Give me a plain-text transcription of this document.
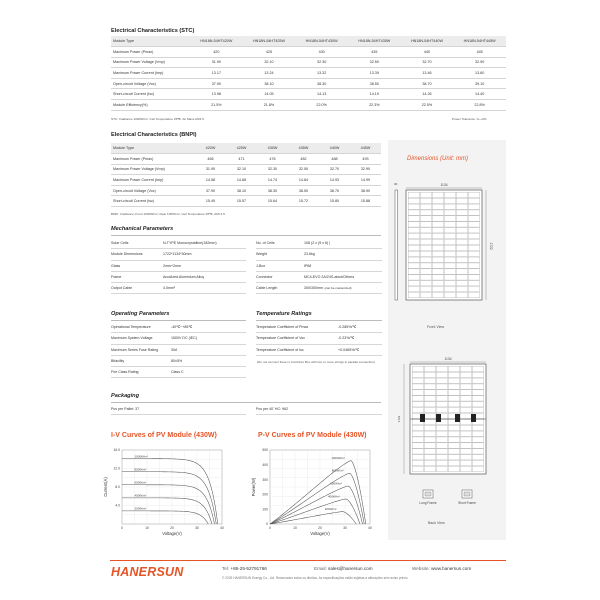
Electrical Characteristics (STC)
Module Type	HN18N-54HT420W	HN18N-54HT425W	HN18N-54HT430W	HN18N-54HT435W	HN18N-54HT440W	HN18N-54HT445W
Maximum Power (Pmax)	420	425	430	435	440	445
Maximum Power Voltage (Vmp)	31.90	32.10	32.30	32.50	32.70	32.90
Maximum Power Current (Imp)	13.17	13.24	13.32	13.39	13.46	13.60
Open-circuit Voltage (Voc)	37.90	38.10	38.30	38.50	38.70	39.10
Short-circuit Current (Isc)	13.98	14.05	14.13	14.19	14.26	14.40
Module Efficiency(%)	21.5%	21.8%	22.0%	22.3%	22.5%	22.8%
STC: Irradiance 1000W/m², Cell Temperature 25℃, Air Mass AM1.5	Power Tolerance: 0~+3%
Electrical Characteristics (BNPI)
Module Type	420W	425W	430W	435W	440W	445W
Maximum Power (Pmax)	465	471	476	482	488	493
Maximum Power Voltage (Vmp)	31.90	32.10	32.30	32.50	32.70	32.90
Maximum Power Current (Imp)	14.58	14.68	14.74	14.84	14.93	14.99
Open-circuit Voltage (Voc)	37.90	38.10	38.30	38.50	38.70	38.90
Short-circuit Current (Isc)	15.49	15.57	15.64	15.72	15.80	15.88
BNPI: Irradiance: Front 1000W/m², Rear 135W/m², Cell Temperature 25℃, AM=1.5
Mechanical Parameters
Solar Cells	N-TYPE Monocrystalline(182mm)
Module Dimensions	1722*1134*30mm
Glass	2mm+2mm
Frame	Anodized Aluminium Alloy
Output Cable	4.0mm²
No. of Cells	108 (2 x (9 x 6) )
Weight	23.6kg
J-Box	IP68
Connector	MC4-EVO 2A/Z4S-abcd/Others
Cable Length	300/300mm (can be customized)
Operating Parameters
Operational Temperature	-40℃~+85℃
Maximum System Voltage	1500V DC (IEC)
Maximum Series Fuse Rating	30A
Bifacility	80±5%
Fire Class Rating	Class C
Temperature Ratings
Temperature Coefficient of Pmax	-0.285%/℃
Temperature Coefficient of Voc	-0.23%/℃
Temperature Coefficient of Isc	+0.0465%/℃
(Do not connect Fuse in Combiner Box with two or more strings in parallel connection)
Packaging
Pcs per Pallet: 37	Pcs per 40' HC: 962
I-V Curves of PV Module (430W)	P-V Curves of PV Module (430W)
0	10	20	30	40
16.0
12.0
8.0
4.0
Voltage(V)
Current(A)
1000W/m²
800W/m²
600W/m²
400W/m²
200W/m²
0	10	20	30	40
500
400
300
200
100
0
Voltage(V)
Power(W)
1000W/m²
800W/m²
600W/m²
400W/m²
200W/m²
Dimensions (Unit: mm)
1134
1722
30
Front View
1134
1722
Long Frame	Short Frame
Back View
HANERSUN	Tel: +86-25-52791766	Email: sales@hanersun.com	Website: www.hanersun.com
© 2025 HANERSUN Energy Co., Ltd. Reservados todos os direitos. As especificações estão sujeitas a alterações sem aviso prévio.
